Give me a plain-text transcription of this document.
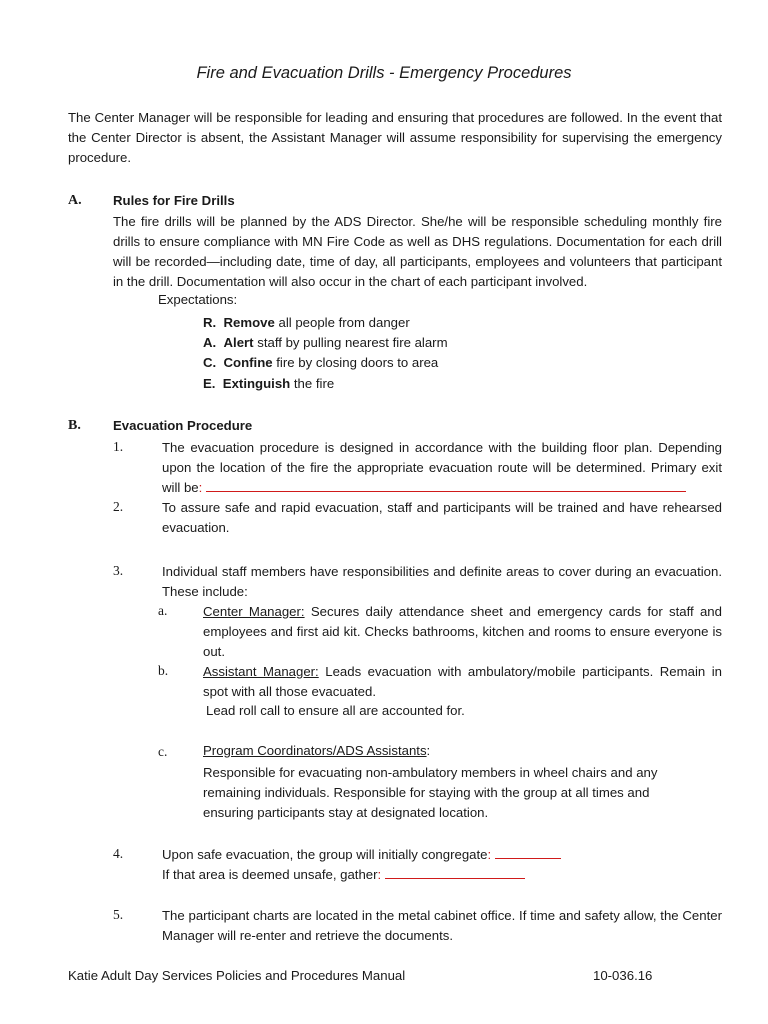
Fire and Evacuation Drills - Emergency Procedures
The Center Manager will be responsible for leading and ensuring that procedures are followed. In the event that the Center Director is absent, the Assistant Manager will assume responsibility for supervising the emergency procedure.
A. Rules for Fire Drills
The fire drills will be planned by the ADS Director. She/he will be responsible scheduling monthly fire drills to ensure compliance with MN Fire Code as well as DHS regulations. Documentation for each drill will be recorded—including date, time of day, all participants, employees and volunteers that participant in the drill. Documentation will also occur in the chart of each participant involved.
Expectations:
R. Remove all people from danger
A. Alert staff by pulling nearest fire alarm
C. Confine fire by closing doors to area
E. Extinguish the fire
B. Evacuation Procedure
1.	The evacuation procedure is designed in accordance with the building floor plan. Depending upon the location of the fire the appropriate evacuation route will be determined. Primary exit will be:
2.	To assure safe and rapid evacuation, staff and participants will be trained and have rehearsed evacuation.
3.	Individual staff members have responsibilities and definite areas to cover during an evacuation. These include:
a.	Center Manager: Secures daily attendance sheet and emergency cards for staff and employees and first aid kit. Checks bathrooms, kitchen and rooms to ensure everyone is out.
b.	Assistant Manager: Leads evacuation with ambulatory/mobile participants. Remain in spot with all those evacuated.
Lead roll call to ensure all are accounted for.
c.	Program Coordinators/ADS Assistants:
Responsible for evacuating non-ambulatory members in wheel chairs and any remaining individuals. Responsible for staying with the group at all times and ensuring participants stay at designated location.
4.	Upon safe evacuation, the group will initially congregate:
If that area is deemed unsafe, gather:
5.	The participant charts are located in the metal cabinet office. If time and safety allow, the Center Manager will re-enter and retrieve the documents.
Katie Adult Day Services Policies and Procedures Manual	10-036.16
